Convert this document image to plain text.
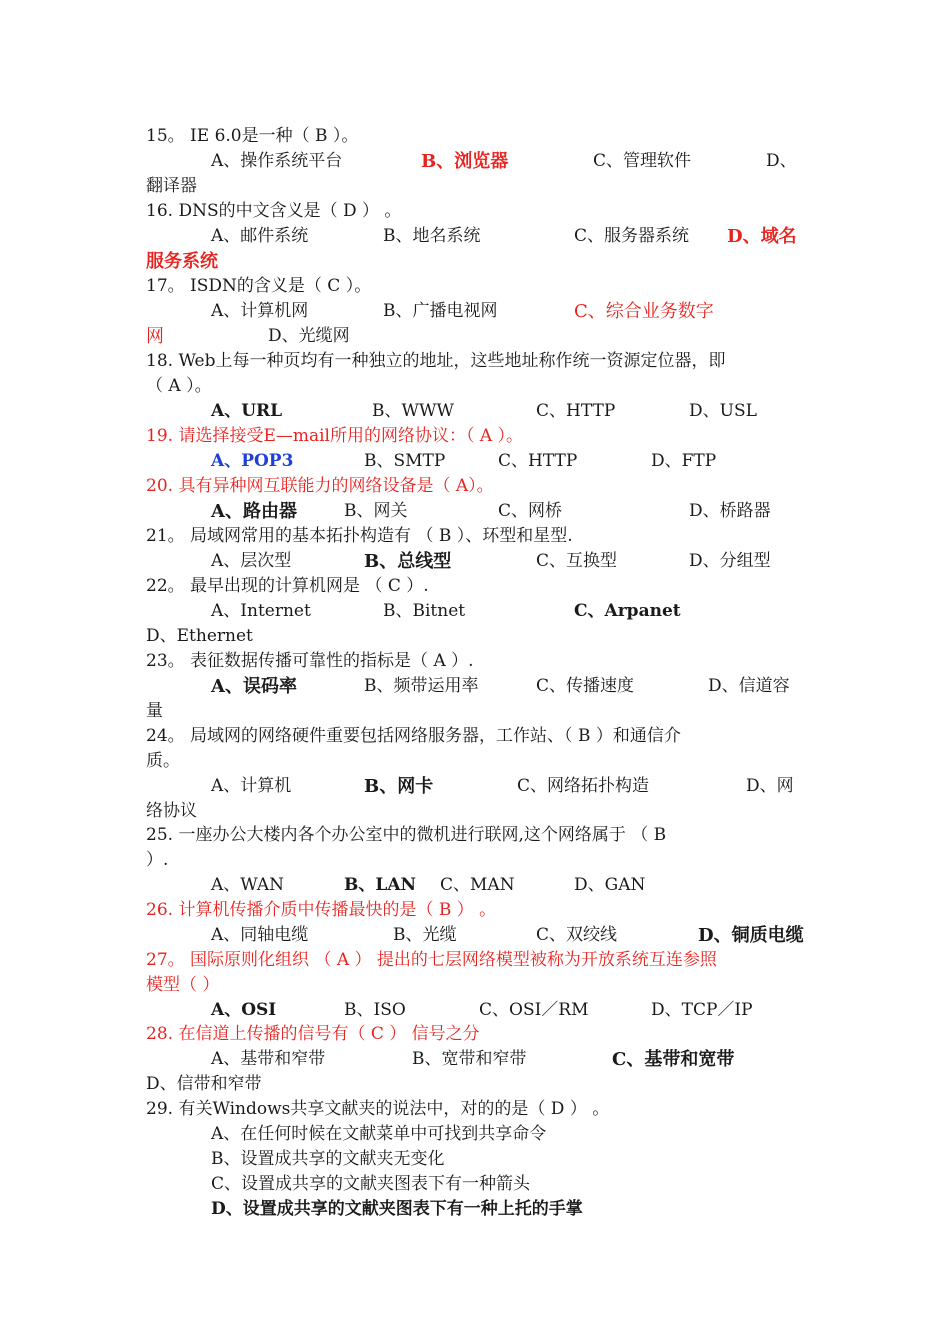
15。 IE 6.0是一种（ B ）。
A、操作系统平台	B、浏览器	C、管理软件	D、
翻译器
16. DNS的中文含义是（ D ） 。
A、邮件系统	B、地名系统	C、服务器系统 D、域名
服务系统
17。 ISDN的含义是（ C ）。
A、计算机网	B、广播电视网	C、综合业务数字
网	D、光缆网
18. Web上每一种页均有一种独立的地址，这些地址称作统一资源定位器，即
（ A ）。
A、URL	B、WWW	C、HTTP	D、USL
19. 请选择接受E—mail所用的网络协议：（ A ）。
A、POP3	B、SMTP	C、HTTP	D、FTP
20. 具有异种网互联能力的网络设备是（ A）。
A、路由器	B、网关	C、网桥	D、桥路器
21。 局域网常用的基本拓扑构造有 （ B ）、环型和星型.
A、层次型	B、总线型	C、互换型	D、分组型
22。 最早出现的计算机网是 （ C ）.
A、Internet	B、Bitnet	C、Arpanet
D、Ethernet
23。 表征数据传播可靠性的指标是（ A ）.
A、误码率	B、频带运用率	C、传播速度	D、信道容
量
24。 局域网的网络硬件重要包括网络服务器，工作站、（ B ）和通信介
质。
A、计算机	B、网卡	C、网络拓扑构造	D、网
络协议
25. 一座办公大楼内各个办公室中的微机进行联网,这个网络属于 （ B
）.
A、WAN	B、LAN C、MAN	D、GAN
26. 计算机传播介质中传播最快的是（ B ） 。
A、同轴电缆	B、光缆	C、双绞线	D、铜质电缆
27。 国际原则化组织 （ A ） 提出的七层网络模型被称为开放系统互连参照
模型（ ）
A、OSI	B、ISO	C、OSI／RM	D、TCP／IP
28. 在信道上传播的信号有（ C ） 信号之分
A、基带和窄带	B、宽带和窄带	C、基带和宽带
D、信带和窄带
29. 有关Windows共享文献夹的说法中，对的的是（ D ） 。
A、在任何时候在文献菜单中可找到共享命令
B、设置成共享的文献夹无变化
C、设置成共享的文献夹图表下有一种箭头
D、设置成共享的文献夹图表下有一种上托的手掌
